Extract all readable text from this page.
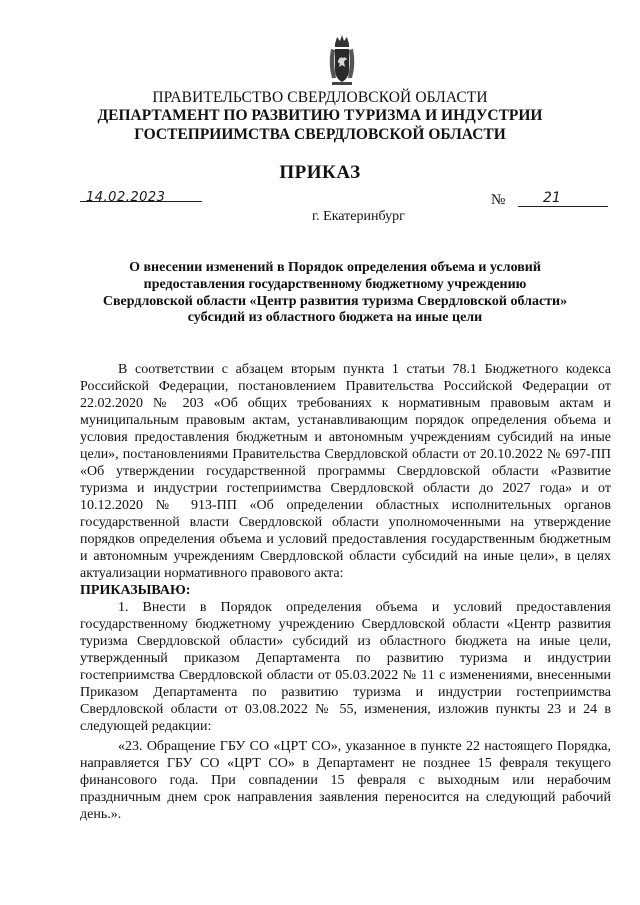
ПРАВИТЕЛЬСТВО СВЕРДЛОВСКОЙ ОБЛАСТИ
ДЕПАРТАМЕНТ ПО РАЗВИТИЮ ТУРИЗМА И ИНДУСТРИИ
ГОСТЕПРИИМСТВА СВЕРДЛОВСКОЙ ОБЛАСТИ
ПРИКАЗ
14.02.2023	№	21
г. Екатеринбург
О внесении изменений в Порядок определения объема и условий
предоставления государственному бюджетному учреждению
Свердловской области «Центр развития туризма Свердловской области»
субсидий из областного бюджета на иные цели

В соответствии с абзацем вторым пункта 1 статьи 78.1 Бюджетного кодекса Российской Федерации, постановлением Правительства Российской Федерации от 22.02.2020 № 203 «Об общих требованиях к нормативным правовым актам и муниципальным правовым актам, устанавливающим порядок определения объема и условия предоставления бюджетным и автономным учреждениям субсидий на иные цели», постановлениями Правительства Свердловской области от 20.10.2022 № 697-ПП «Об утверждении государственной программы Свердловской области «Развитие туризма и индустрии гостеприимства Свердловской области до 2027 года» и от 10.12.2020 № 913-ПП «Об определении областных исполнительных органов государственной власти Свердловской области уполномоченными на утверждение порядков определения объема и условий предоставления государственным бюджетным и автономным учреждениям Свердловской области субсидий на иные цели», в целях актуализации нормативного правового акта:

ПРИКАЗЫВАЮ:

1. Внести в Порядок определения объема и условий предоставления государственному бюджетному учреждению Свердловской области «Центр развития туризма Свердловской области» субсидий из областного бюджета на иные цели, утвержденный приказом Департамента по развитию туризма и индустрии гостеприимства Свердловской области от 05.03.2022 № 11 с изменениями, внесенными Приказом Департамента по развитию туризма и индустрии гостеприимства Свердловской области от 03.08.2022 № 55, изменения, изложив пункты 23 и 24 в следующей редакции:

«23. Обращение ГБУ СО «ЦРТ СО», указанное в пункте 22 настоящего Порядка, направляется ГБУ СО «ЦРТ СО» в Департамент не позднее 15 февраля текущего финансового года. При совпадении 15 февраля с выходным или нерабочим праздничным днем срок направления заявления переносится на следующий рабочий день.».
